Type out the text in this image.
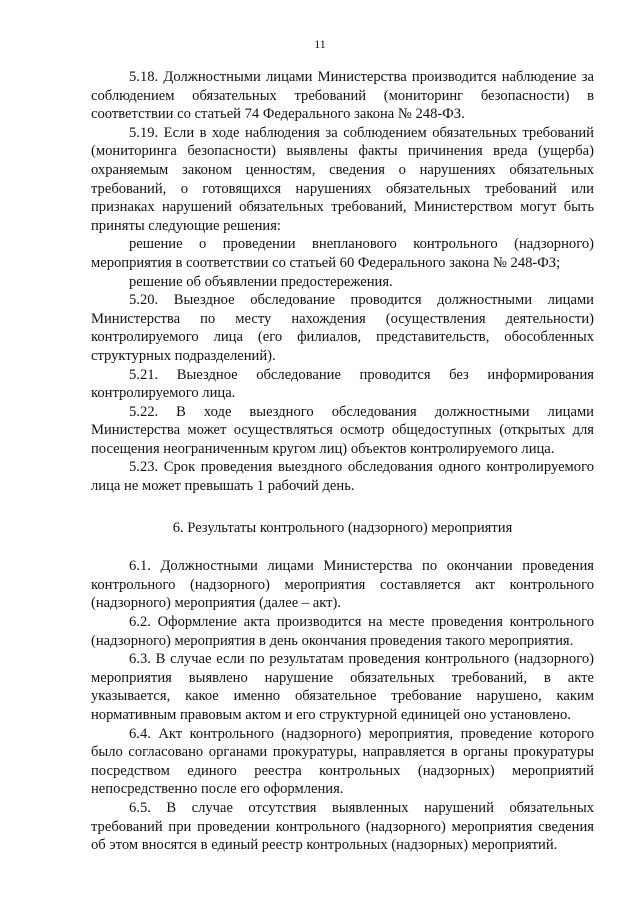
11

5.18. Должностными лицами Министерства производится наблюдение за соблюдением обязательных требований (мониторинг безопасности) в соответствии со статьей 74 Федерального закона № 248-ФЗ.

5.19. Если в ходе наблюдения за соблюдением обязательных требований (мониторинга безопасности) выявлены факты причинения вреда (ущерба) охраняемым законом ценностям, сведения о нарушениях обязательных требований, о готовящихся нарушениях обязательных требований или признаках нарушений обязательных требований, Министерством могут быть приняты следующие решения:

решение о проведении внепланового контрольного (надзорного) мероприятия в соответствии со статьей 60 Федерального закона № 248-ФЗ;

решение об объявлении предостережения.

5.20. Выездное обследование проводится должностными лицами Министерства по месту нахождения (осуществления деятельности) контролируемого лица (его филиалов, представительств, обособленных структурных подразделений).

5.21. Выездное обследование проводится без информирования контролируемого лица.

5.22. В ходе выездного обследования должностными лицами Министерства может осуществляться осмотр общедоступных (открытых для посещения неограниченным кругом лиц) объектов контролируемого лица.

5.23. Срок проведения выездного обследования одного контролируемого лица не может превышать 1 рабочий день.

6. Результаты контрольного (надзорного) мероприятия

6.1. Должностными лицами Министерства по окончании проведения контрольного (надзорного) мероприятия составляется акт контрольного (надзорного) мероприятия (далее – акт).

6.2. Оформление акта производится на месте проведения контрольного (надзорного) мероприятия в день окончания проведения такого мероприятия.

6.3. В случае если по результатам проведения контрольного (надзорного) мероприятия выявлено нарушение обязательных требований, в акте указывается, какое именно обязательное требование нарушено, каким нормативным правовым актом и его структурной единицей оно установлено.

6.4. Акт контрольного (надзорного) мероприятия, проведение которого было согласовано органами прокуратуры, направляется в органы прокуратуры посредством единого реестра контрольных (надзорных) мероприятий непосредственно после его оформления.

6.5. В случае отсутствия выявленных нарушений обязательных требований при проведении контрольного (надзорного) мероприятия сведения об этом вносятся в единый реестр контрольных (надзорных) мероприятий.
